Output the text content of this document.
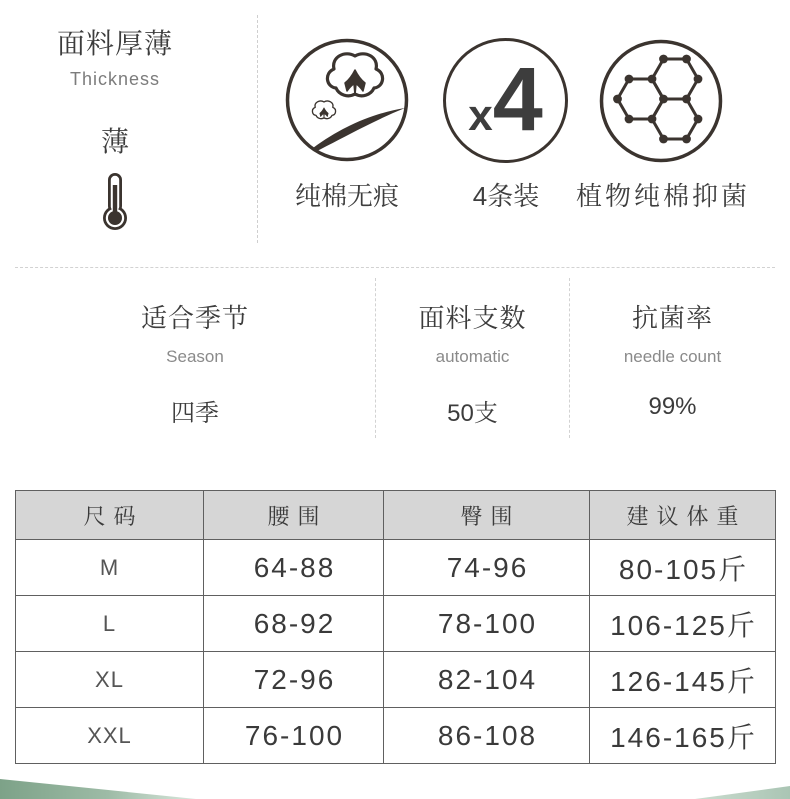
面料厚薄
Thickness
薄
纯棉无痕
x 4
4条装	植物纯棉抑菌
适合季节
Season
四季
面料支数
automatic
50支
抗菌率
needle count
99%
尺码	腰围	臀围	建议体重
M	64-88	74-96	80-105斤
L	68-92	78-100	106-125斤
XL	72-96	82-104	126-145斤
XXL	76-100	86-108	146-165斤
